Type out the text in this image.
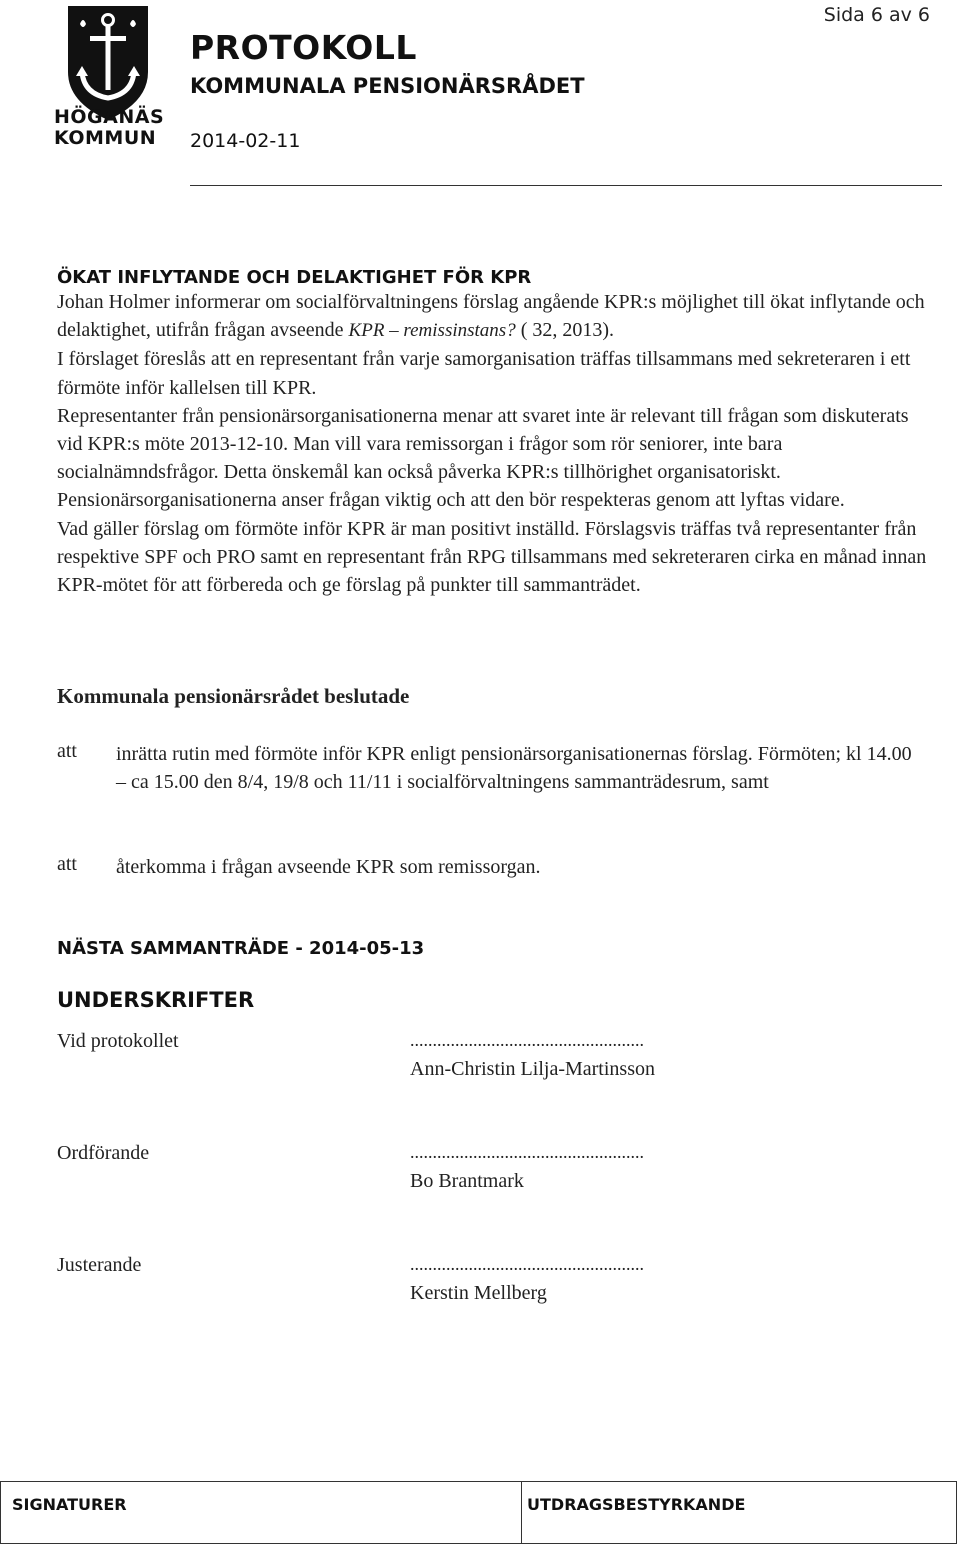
HÖGANÄS
KOMMUN
Sida 6 av 6
PROTOKOLL
KOMMUNALA PENSIONÄRSRÅDET
2014-02-11
ÖKAT INFLYTANDE OCH DELAKTIGHET FÖR KPR

Johan Holmer informerar om socialförvaltningens förslag angående KPR:s möjlighet till ökat inflytande och delaktighet, utifrån frågan avseende KPR – remissinstans? ( 32, 2013).

I förslaget föreslås att en representant från varje samorganisation träffas tillsammans med sekreteraren i ett förmöte inför kallelsen till KPR.

Representanter från pensionärsorganisationerna menar att svaret inte är relevant till frågan som diskuterats vid KPR:s möte 2013-12-10. Man vill vara remissorgan i frågor som rör seniorer, inte bara socialnämndsfrågor. Detta önskemål kan också påverka KPR:s tillhörighet organisatoriskt. Pensionärsorganisationerna anser frågan viktig och att den bör respekteras genom att lyftas vidare.

Vad gäller förslag om förmöte inför KPR är man positivt inställd. Förslagsvis träffas två representanter från respektive SPF och PRO samt en representant från RPG tillsammans med sekreteraren cirka en månad innan KPR-mötet för att förbereda och ge förslag på punkter till sammanträdet.

Kommunala pensionärsrådet beslutade
att inrätta rutin med förmöte inför KPR enligt pensionärsorganisationernas förslag. Förmöten; kl 14.00 – ca 15.00 den 8/4, 19/8 och 11/11 i socialförvaltningens sammanträdesrum, samt

att återkomma i frågan avseende KPR som remissorgan.

NÄSTA SAMMANTRÄDE - 2014-05-13
UNDERSKRIFTER
Vid protokollet	....................................................
Ann-Christin Lilja-Martinsson
Ordförande	....................................................
Bo Brantmark
Justerande	....................................................
Kerstin Mellberg
SIGNATURER	UTDRAGSBESTYRKANDE
